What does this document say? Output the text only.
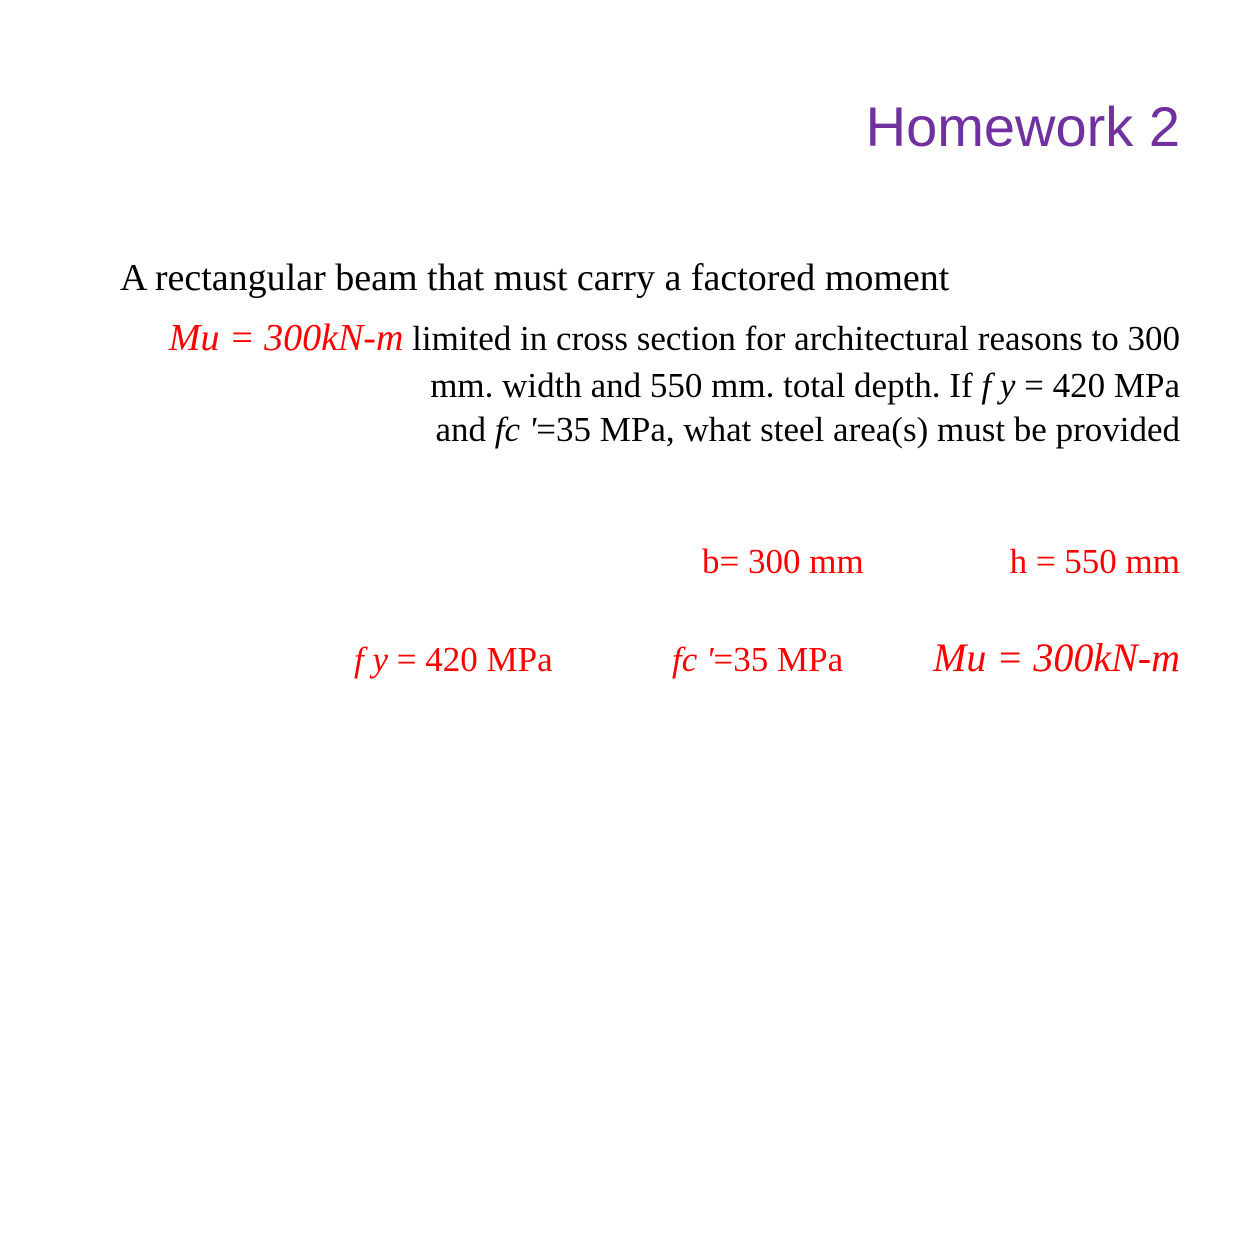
Homework 2
A rectangular beam that must carry a factored moment
Mu = 300kN-m limited in cross section for architectural reasons to 300
mm. width and 550 mm. total depth. If f y = 420 MPa
and fc '=35 MPa, what steel area(s) must be provided
b= 300 mm	h = 550 mm
f y = 420 MPa	fc '=35 MPa Mu = 300kN-m
